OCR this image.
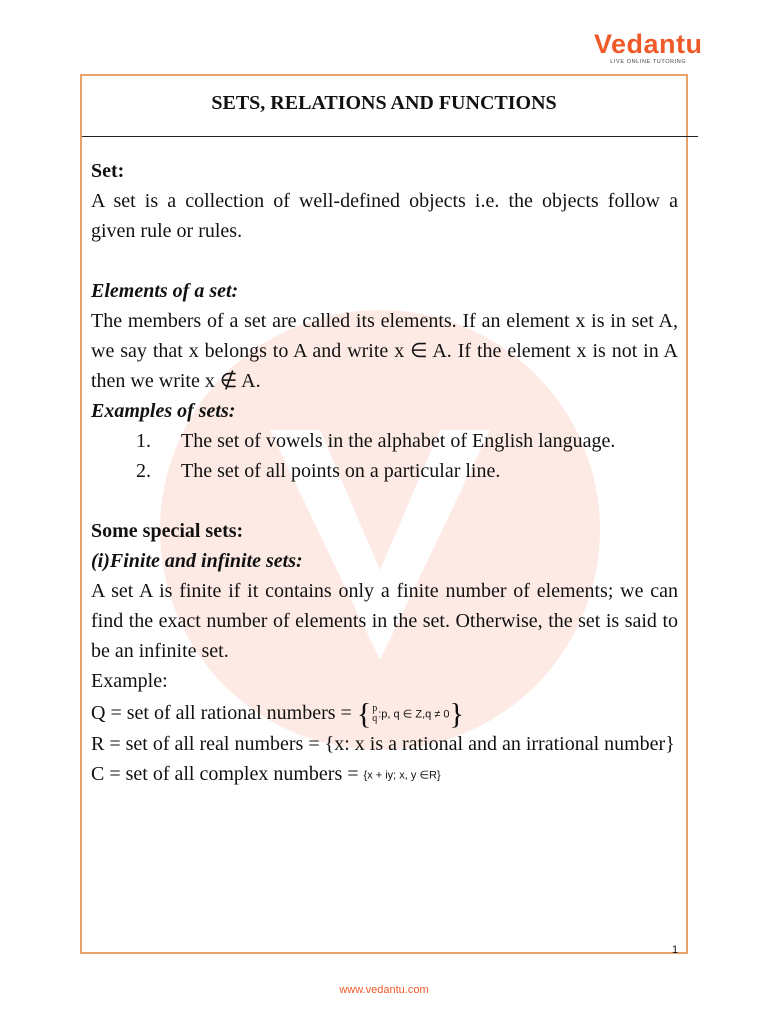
Vedantu
LIVE ONLINE TUTORING
SETS, RELATIONS AND FUNCTIONS

Set:

A set is a collection of well-defined objects i.e. the objects follow a given rule or rules.

Elements of a set:

The members of a set are called its elements. If an element x is in set A, we say that x belongs to A and write x ∈ A. If the element x is not in A then we write x ∉ A.

Examples of sets:

1.	The set of vowels in the alphabet of English language.
2.	The set of all points on a particular line.

Some special sets:

(i)Finite and infinite sets:

A set A is finite if it contains only a finite number of elements; we can find the exact number of elements in the set. Otherwise, the set is said to be an infinite set.

Example:

Q = set of all rational numbers = {p
q:p, q ∈ Z,q ≠ 0}

R = set of all real numbers = {x: x is a rational and an irrational number}

C = set of all complex numbers = {x + iy; x, y ∈R}

1
www.vedantu.com
